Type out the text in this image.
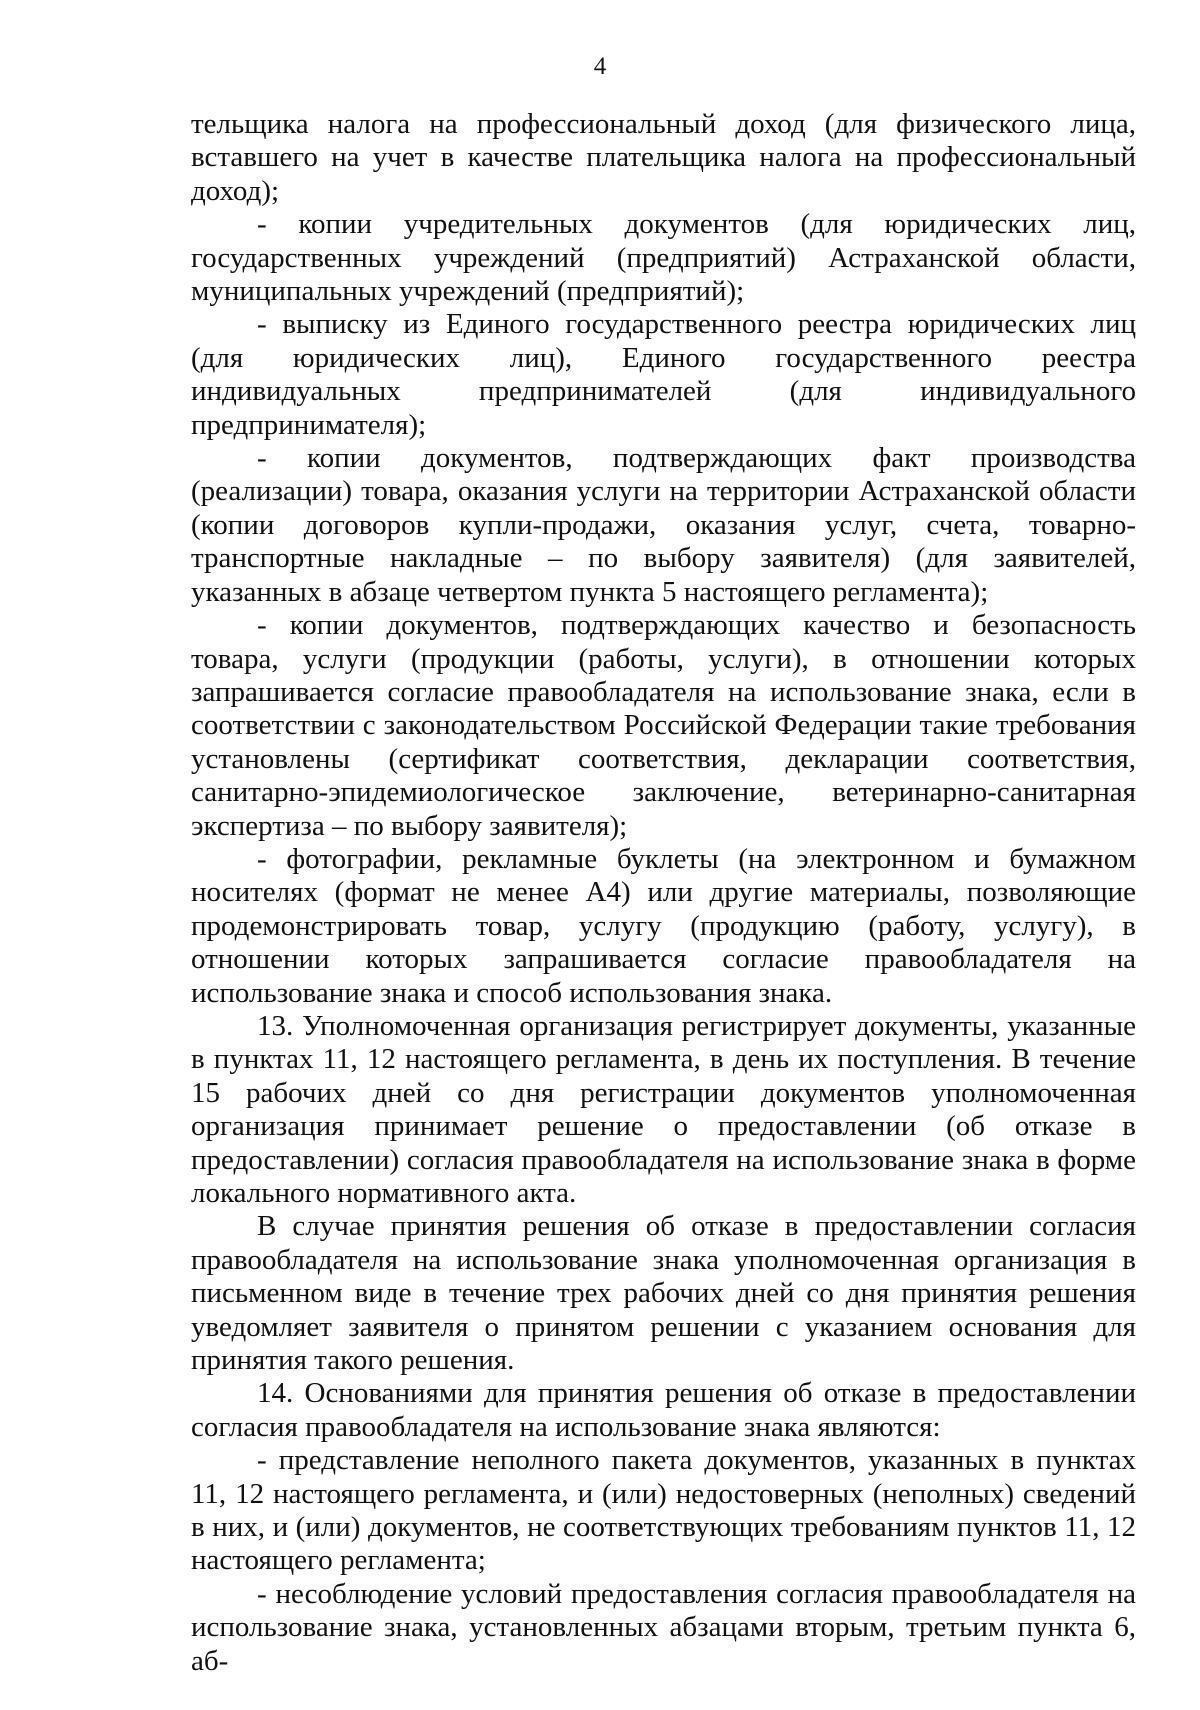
4

тельщика налога на профессиональный доход (для физического лица, вставшего на учет в качестве плательщика налога на профессиональный доход);

- копии учредительных документов (для юридических лиц, государственных учреждений (предприятий) Астраханской области, муниципальных учреждений (предприятий);

- выписку из Единого государственного реестра юридических лиц (для юридических лиц), Единого государственного реестра индивидуальных предпринимателей (для индивидуального предпринимателя);

- копии документов, подтверждающих факт производства (реализации) товара, оказания услуги на территории Астраханской области (копии договоров купли-продажи, оказания услуг, счета, товарно-транспортные накладные – по выбору заявителя) (для заявителей, указанных в абзаце четвертом пункта 5 настоящего регламента);

- копии документов, подтверждающих качество и безопасность товара, услуги (продукции (работы, услуги), в отношении которых запрашивается согласие правообладателя на использование знака, если в соответствии с законодательством Российской Федерации такие требования установлены (сертификат соответствия, декларации соответствия, санитарно-эпидемиологическое заключение, ветеринарно-санитарная экспертиза – по выбору заявителя);

- фотографии, рекламные буклеты (на электронном и бумажном носителях (формат не менее А4) или другие материалы, позволяющие продемонстрировать товар, услугу (продукцию (работу, услугу), в отношении которых запрашивается согласие правообладателя на использование знака и способ использования знака.

13. Уполномоченная организация регистрирует документы, указанные в пунктах 11, 12 настоящего регламента, в день их поступления. В течение 15 рабочих дней со дня регистрации документов уполномоченная организация принимает решение о предоставлении (об отказе в предоставлении) согласия правообладателя на использование знака в форме локального нормативного акта.

В случае принятия решения об отказе в предоставлении согласия правообладателя на использование знака уполномоченная организация в письменном виде в течение трех рабочих дней со дня принятия решения уведомляет заявителя о принятом решении с указанием основания для принятия такого решения.

14. Основаниями для принятия решения об отказе в предоставлении согласия правообладателя на использование знака являются:

- представление неполного пакета документов, указанных в пунктах 11, 12 настоящего регламента, и (или) недостоверных (неполных) сведений в них, и (или) документов, не соответствующих требованиям пунктов 11, 12 настоящего регламента;

- несоблюдение условий предоставления согласия правообладателя на использование знака, установленных абзацами вторым, третьим пункта 6, аб-
